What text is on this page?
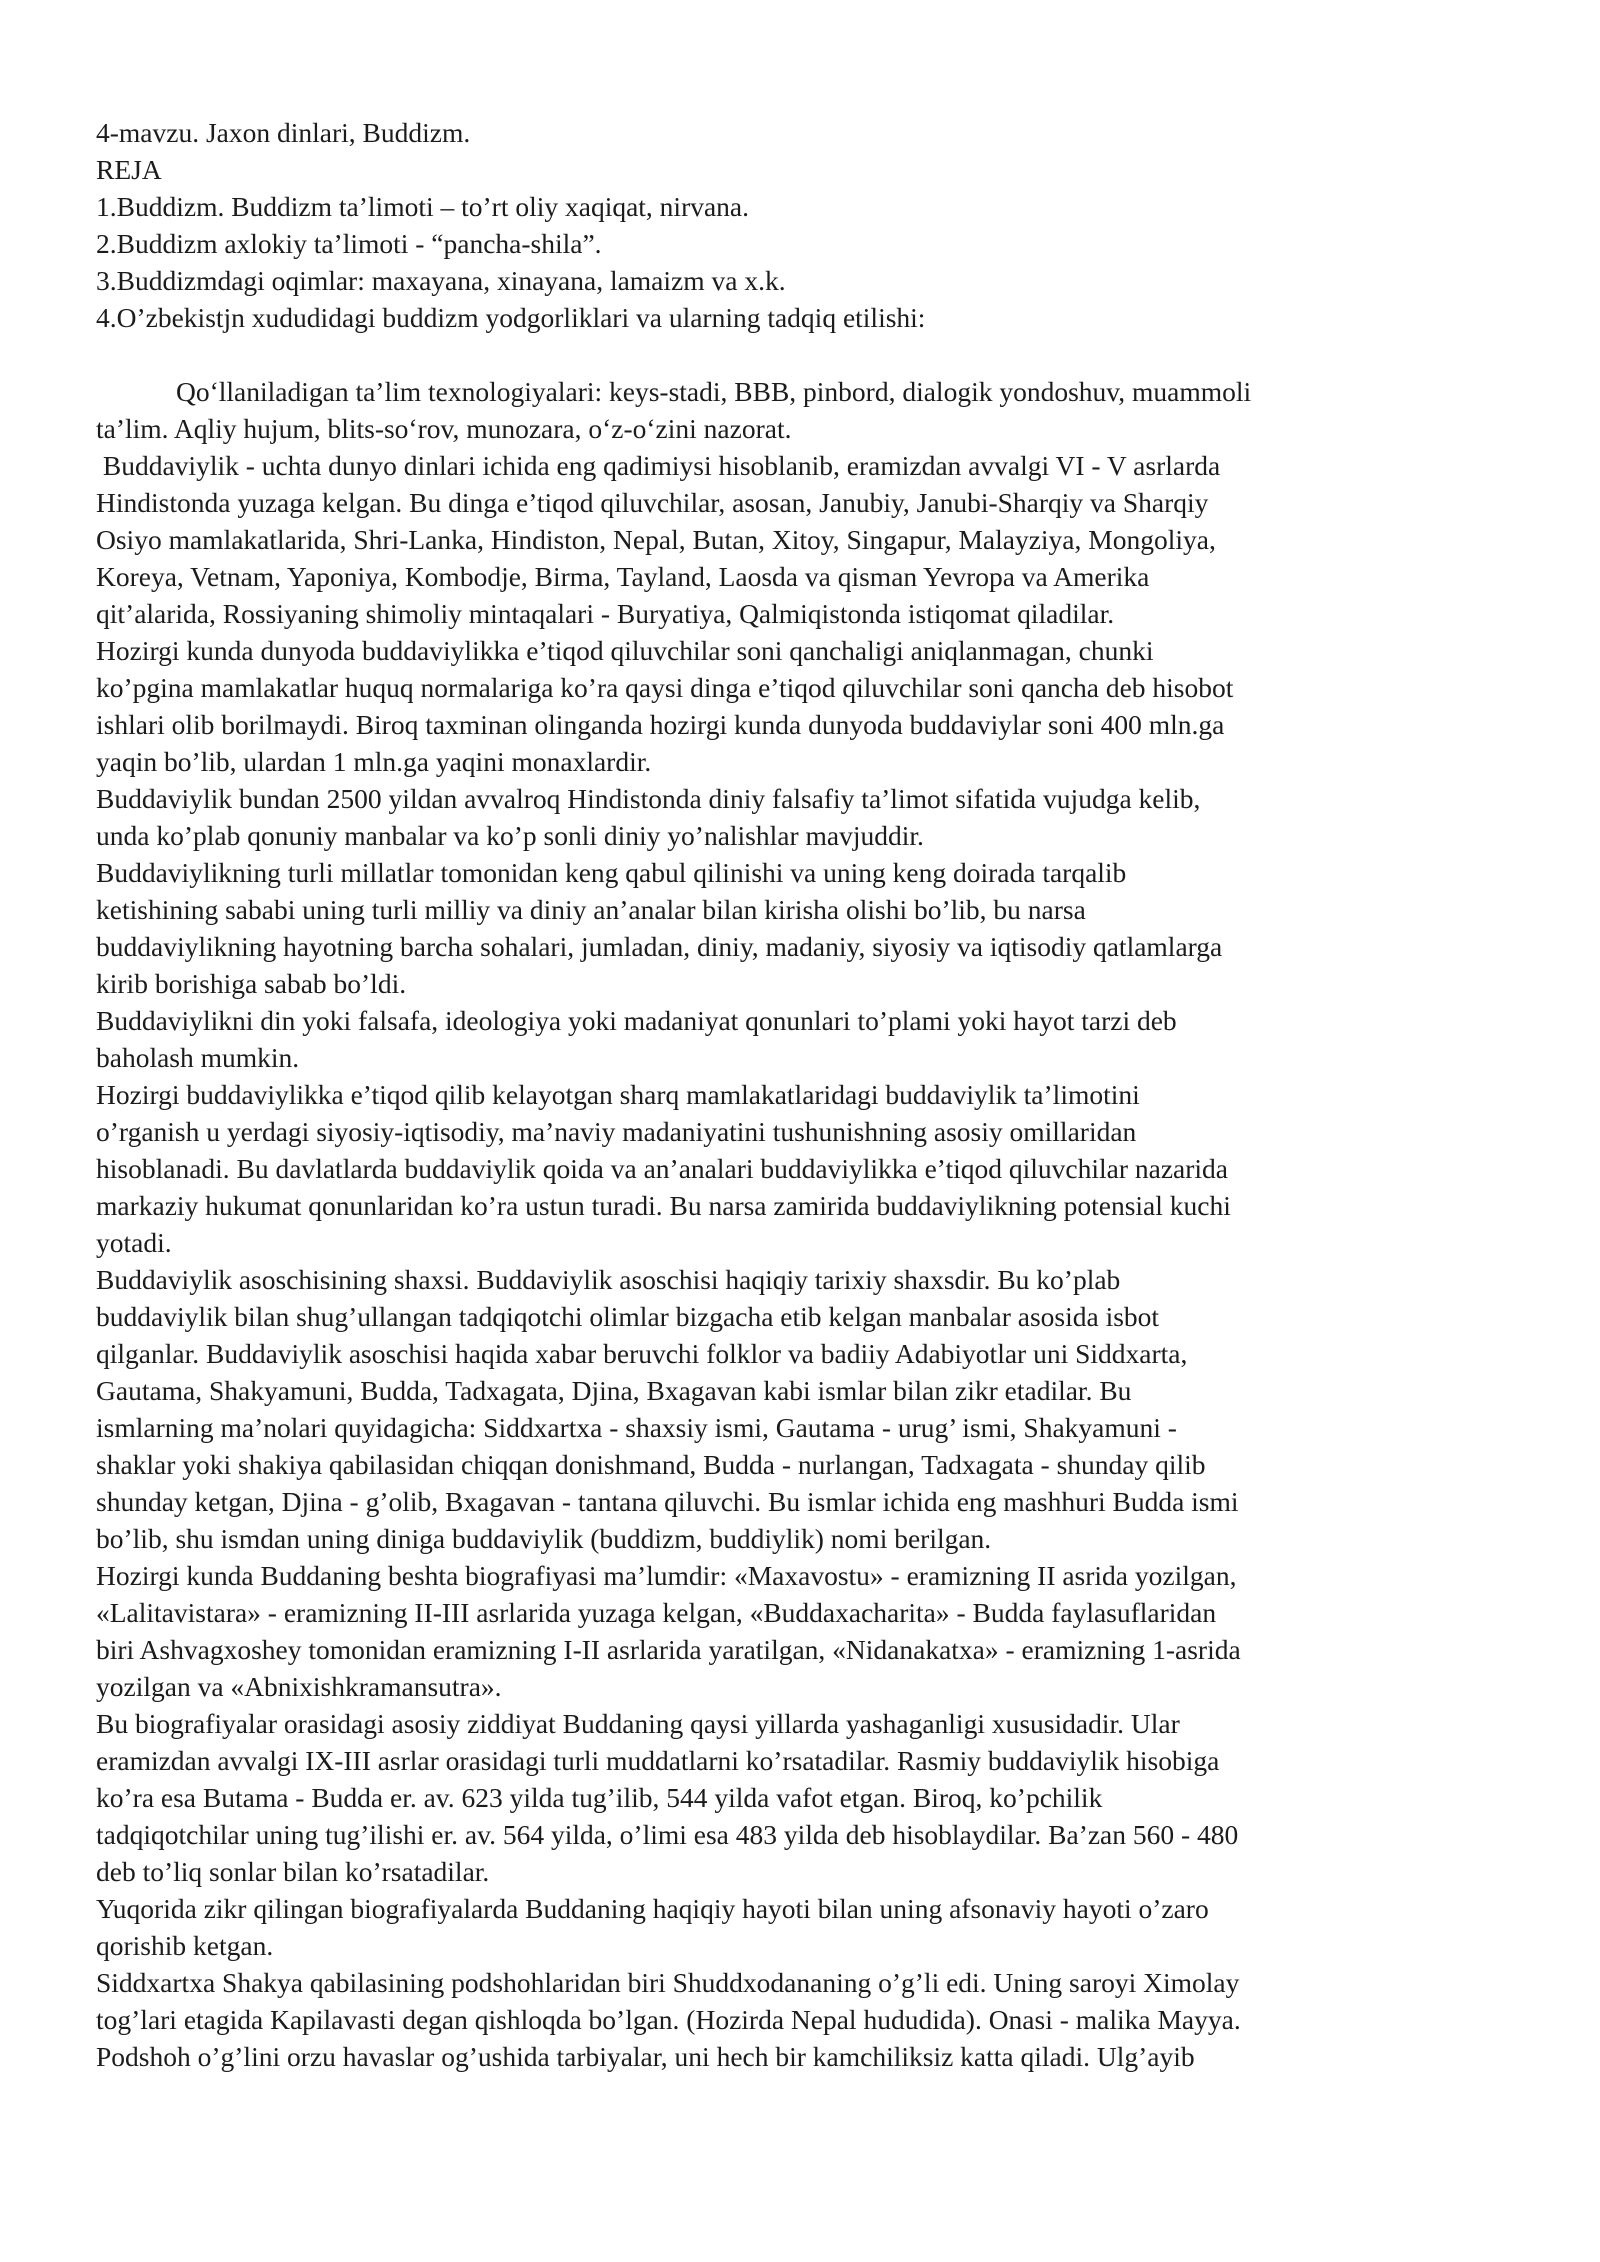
4-mavzu. Jaxon dinlari, Buddizm.
REJA
1.Buddizm. Buddizm ta’limoti – to’rt oliy xaqiqat, nirvana.
2.Buddizm axlokiy ta’limoti - “pancha-shila”.
3.Buddizmdagi oqimlar: maxayana, xinayana, lamaizm va x.k.
4.O’zbekistjn xududidagi buddizm yodgorliklari va ularning tadqiq etilishi:
Qo‘llaniladigan ta’lim texnologiyalari: keys-stadi, BBB, pinbord, dialogik yondoshuv, muammoli
ta’lim. Aqliy hujum, blits-so‘rov, munozara, o‘z-o‘zini nazorat.
Buddaviylik - uchta dunyo dinlari ichida eng qadimiysi hisoblanib, eramizdan avvalgi VI - V asrlarda
Hindistonda yuzaga kelgan. Bu dinga e’tiqod qiluvchilar, asosan, Janubiy, Janubi-Sharqiy va Sharqiy
Osiyo mamlakatlarida, Shri-Lanka, Hindiston, Nepal, Butan, Xitoy, Singapur, Malayziya, Mongoliya,
Koreya, Vetnam, Yaponiya, Kombodje, Birma, Tayland, Laosda va qisman Yevropa va Amerika
qit’alarida, Rossiyaning shimoliy mintaqalari - Buryatiya, Qalmiqistonda istiqomat qiladilar.
Hozirgi kunda dunyoda buddaviylikka e’tiqod qiluvchilar soni qanchaligi aniqlanmagan, chunki
ko’pgina mamlakatlar huquq normalariga ko’ra qaysi dinga e’tiqod qiluvchilar soni qancha deb hisobot
ishlari olib borilmaydi. Biroq taxminan olinganda hozirgi kunda dunyoda buddaviylar soni 400 mln.ga
yaqin bo’lib, ulardan 1 mln.ga yaqini monaxlardir.
Buddaviylik bundan 2500 yildan avvalroq Hindistonda diniy falsafiy ta’limot sifatida vujudga kelib,
unda ko’plab qonuniy manbalar va ko’p sonli diniy yo’nalishlar mavjuddir.
Buddaviylikning turli millatlar tomonidan keng qabul qilinishi va uning keng doirada tarqalib
ketishining sababi uning turli milliy va diniy an’analar bilan kirisha olishi bo’lib, bu narsa
buddaviylikning hayotning barcha sohalari, jumladan, diniy, madaniy, siyosiy va iqtisodiy qatlamlarga
kirib borishiga sabab bo’ldi.
Buddaviylikni din yoki falsafa, ideologiya yoki madaniyat qonunlari to’plami yoki hayot tarzi deb
baholash mumkin.
Hozirgi buddaviylikka e’tiqod qilib kelayotgan sharq mamlakatlaridagi buddaviylik ta’limotini
o’rganish u yerdagi siyosiy-iqtisodiy, ma’naviy madaniyatini tushunishning asosiy omillaridan
hisoblanadi. Bu davlatlarda buddaviylik qoida va an’analari buddaviylikka e’tiqod qiluvchilar nazarida
markaziy hukumat qonunlaridan ko’ra ustun turadi. Bu narsa zamirida buddaviylikning potensial kuchi
yotadi.
Buddaviylik asoschisining shaxsi. Buddaviylik asoschisi haqiqiy tarixiy shaxsdir. Bu ko’plab
buddaviylik bilan shug’ullangan tadqiqotchi olimlar bizgacha etib kelgan manbalar asosida isbot
qilganlar. Buddaviylik asoschisi haqida xabar beruvchi folklor va badiiy Adabiyotlar uni Siddxarta,
Gautama, Shakyamuni, Budda, Tadxagata, Djina, Bxagavan kabi ismlar bilan zikr etadilar. Bu
ismlarning ma’nolari quyidagicha: Siddxartxa - shaxsiy ismi, Gautama - urug’ ismi, Shakyamuni -
shaklar yoki shakiya qabilasidan chiqqan donishmand, Budda - nurlangan, Tadxagata - shunday qilib
shunday ketgan, Djina - g’olib, Bxagavan - tantana qiluvchi. Bu ismlar ichida eng mashhuri Budda ismi
bo’lib, shu ismdan uning diniga buddaviylik (buddizm, buddiylik) nomi berilgan.
Hozirgi kunda Buddaning beshta biografiyasi ma’lumdir: «Maxavostu» - eramizning II asrida yozilgan,
«Lalitavistara» - eramizning II-III asrlarida yuzaga kelgan, «Buddaxacharita» - Budda faylasuflaridan
biri Ashvagxoshey tomonidan eramizning I-II asrlarida yaratilgan, «Nidanakatxa» - eramizning 1-asrida
yozilgan va «Abnixishkramansutra».
Bu biografiyalar orasidagi asosiy ziddiyat Buddaning qaysi yillarda yashaganligi xususidadir. Ular
eramizdan avvalgi IX-III asrlar orasidagi turli muddatlarni ko’rsatadilar. Rasmiy buddaviylik hisobiga
ko’ra esa Butama - Budda er. av. 623 yilda tug’ilib, 544 yilda vafot etgan. Biroq, ko’pchilik
tadqiqotchilar uning tug’ilishi er. av. 564 yilda, o’limi esa 483 yilda deb hisoblaydilar. Ba’zan 560 - 480
deb to’liq sonlar bilan ko’rsatadilar.
Yuqorida zikr qilingan biografiyalarda Buddaning haqiqiy hayoti bilan uning afsonaviy hayoti o’zaro
qorishib ketgan.
Siddxartxa Shakya qabilasining podshohlaridan biri Shuddxodananing o’g’li edi. Uning saroyi Ximolay
tog’lari etagida Kapilavasti degan qishloqda bo’lgan. (Hozirda Nepal hududida). Onasi - malika Mayya.
Podshoh o’g’lini orzu havaslar og’ushida tarbiyalar, uni hech bir kamchiliksiz katta qiladi. Ulg’ayib
